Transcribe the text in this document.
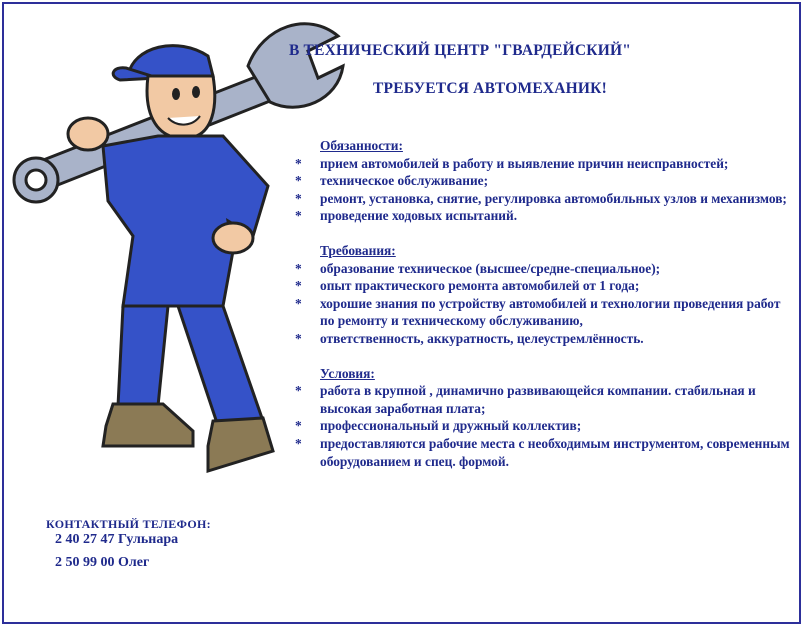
В ТЕХНИЧЕСКИЙ ЦЕНТР "ГВАРДЕЙСКИЙ"
ТРЕБУЕТСЯ АВТОМЕХАНИК!
Обязанности:
*	прием автомобилей в работу и выявление причин неисправностей;
*	техническое обслуживание;
*	ремонт, установка, снятие, регулировка автомобильных узлов и механизмов;
*	проведение ходовых испытаний.
Требования:
*	образование техническое (высшее/средне-специальное);
*	опыт практического ремонта автомобилей от 1 года;
*	хорошие знания по устройству автомобилей и технологии проведения работ по ремонту и техническому обслуживанию,
*	ответственность, аккуратность, целеустремлённость.
Условия:
*	работа в крупной , динамично развивающейся компании. стабильная и высокая заработная плата;
*	профессиональный и дружный коллектив;
*	предоставляются рабочие места с необходимым инструментом, современным оборудованием и спец. формой.
КОНТАКТНЫЙ ТЕЛЕФОН:
2 40 27 47 Гульнара
2 50 99 00 Олег
